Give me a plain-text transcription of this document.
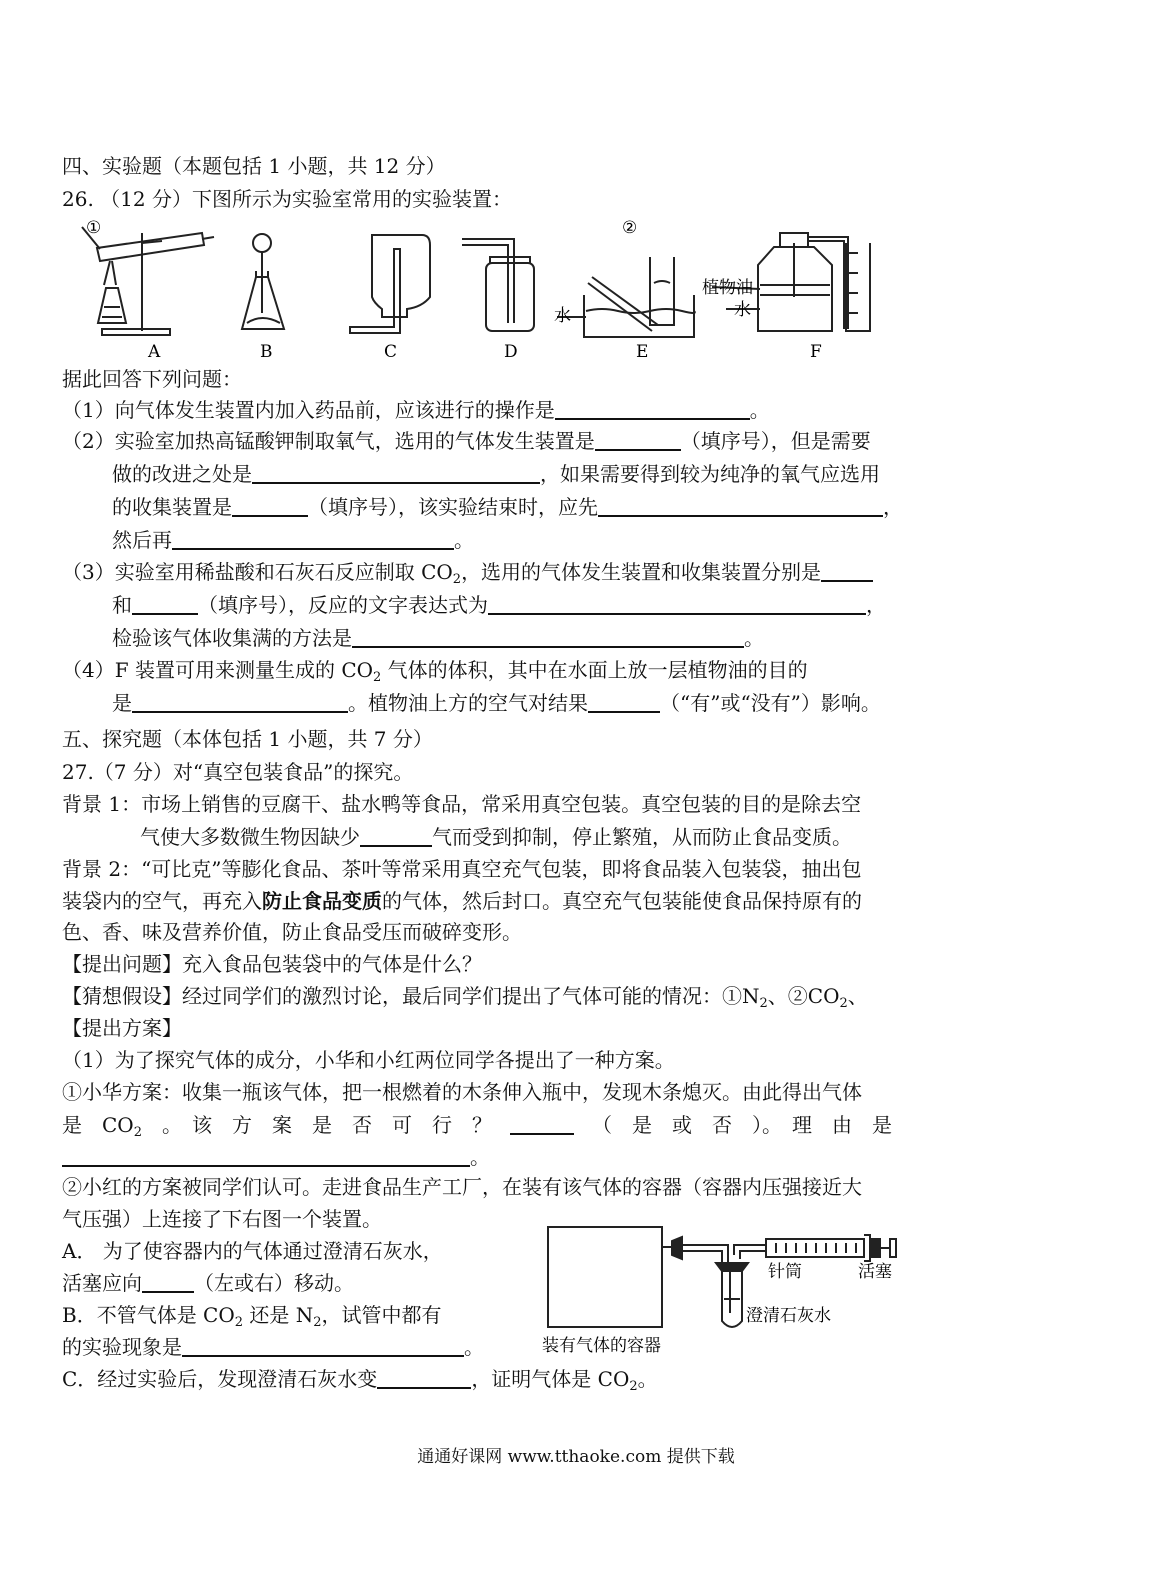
四、实验题（本题包括 1 小题，共 12 分）
26. （12 分）下图所示为实验室常用的实验装置：
①	②
水
植物油
水
A	B	C	D	E	F
据此回答下列问题：
（1）向气体发生装置内加入药品前，应该进行的操作是	。
（2）实验室加热高锰酸钾制取氧气，选用的气体发生装置是	（填序号），但是需要
做的改进之处是	，如果需要得到较为纯净的氧气应选用
的收集装置是	（填序号），该实验结束时，应先	，
然后再	。
（3）实验室用稀盐酸和石灰石反应制取 $CO_2$，选用的气体发生装置和收集装置分别是
和	（填序号），反应的文字表达式为	，
检验该气体收集满的方法是	。
（4）F 装置可用来测量生成的 $CO_2$ 气体的体积，其中在水面上放一层植物油的目的
是	。植物油上方的空气对结果	（“有”或“没有”）影响。
五、探究题（本体包括 1 小题，共 7 分）
27.（7 分）对“真空包装食品”的探究。
背景 1：市场上销售的豆腐干、盐水鸭等食品，常采用真空包装。真空包装的目的是除去空
气使大多数微生物因缺少	气而受到抑制，停止繁殖，从而防止食品变质。
背景 2：“可比克”等膨化食品、茶叶等常采用真空充气包装，即将食品装入包装袋，抽出包
装袋内的空气，再充入防止食品变质的气体，然后封口。真空充气包装能使食品保持原有的
色、香、味及营养价值，防止食品受压而破碎变形。
【提出问题】充入食品包装袋中的气体是什么？
【猜想假设】经过同学们的激烈讨论，最后同学们提出了气体可能的情况：$①N_2$、$②CO_2$、
【提出方案】
（1）为了探究气体的成分，小华和小红两位同学各提出了一种方案。
①小华方案：收集一瓶该气体，把一根燃着的木条伸入瓶中，发现木条熄灭。由此得出气体
是　$CO_2$　。　该　方　案　是　否　可　行　？	（　是　或　否　）。　理　由　是
。
②小红的方案被同学们认可。走进食品生产工厂，在装有该气体的容器（容器内压强接近大
气压强）上连接了下右图一个装置。
A． 为了使容器内的气体通过澄清石灰水，
活塞应向	（左或右）移动。
B．不管气体是 $CO_2$ 还是 $N_2$，试管中都有
的实验现象是	。
C．经过实验后，发现澄清石灰水变	，证明气体是 $CO_2$。
针筒	活塞
澄清石灰水
装有气体的容器
通通好课网 www.tthaoke.com 提供下载
